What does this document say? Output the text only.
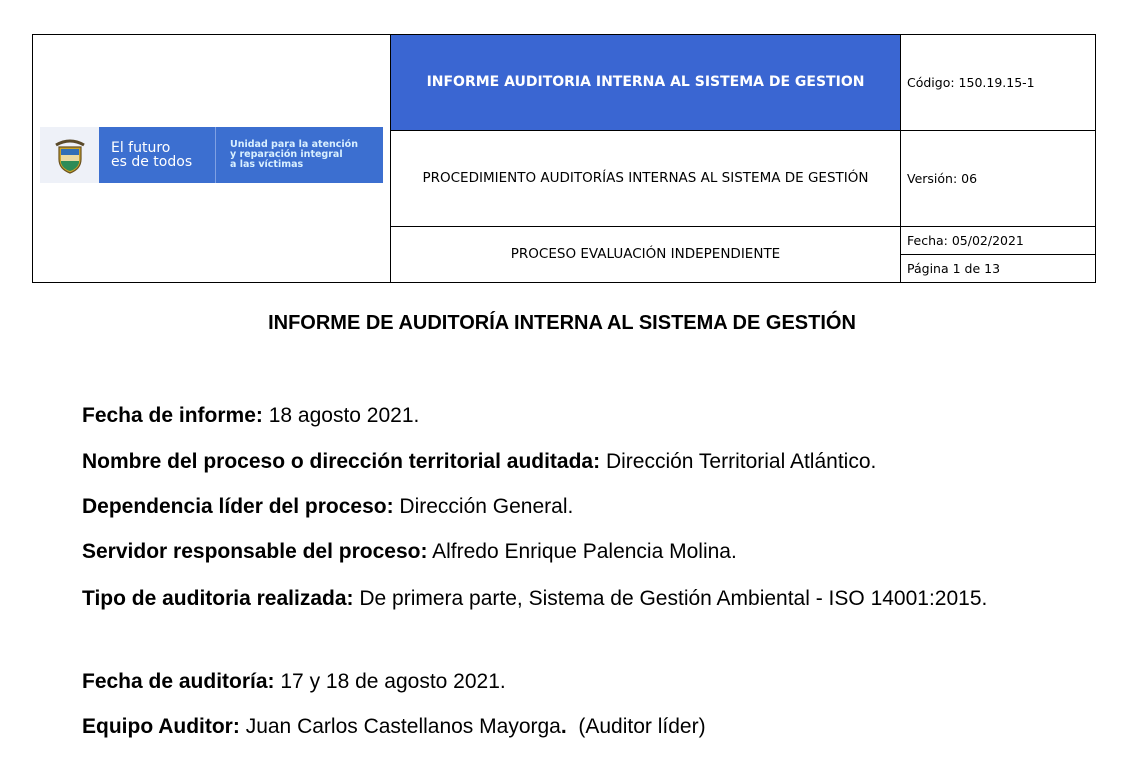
El futuro
es de todos
Unidad para la atención
y reparación integral
a las víctimas	INFORME AUDITORIA INTERNA AL SISTEMA DE GESTION	Código: 150.19.15-1
	PROCEDIMIENTO AUDITORÍAS INTERNAS AL SISTEMA DE GESTIÓN	Versión: 06
	PROCESO EVALUACIÓN INDEPENDIENTE	Fecha: 05/02/2021
		Página 1 de 13
INFORME DE AUDITORÍA INTERNA AL SISTEMA DE GESTIÓN
Fecha de informe: 18 agosto 2021.
Nombre del proceso o dirección territorial auditada: Dirección Territorial Atlántico.
Dependencia líder del proceso: Dirección General.
Servidor responsable del proceso: Alfredo Enrique Palencia Molina.
Tipo de auditoria realizada: De primera parte, Sistema de Gestión Ambiental - ISO 14001:2015.
Fecha de auditoría: 17 y 18 de agosto 2021.
Equipo Auditor: Juan Carlos Castellanos Mayorga.  (Auditor líder)
